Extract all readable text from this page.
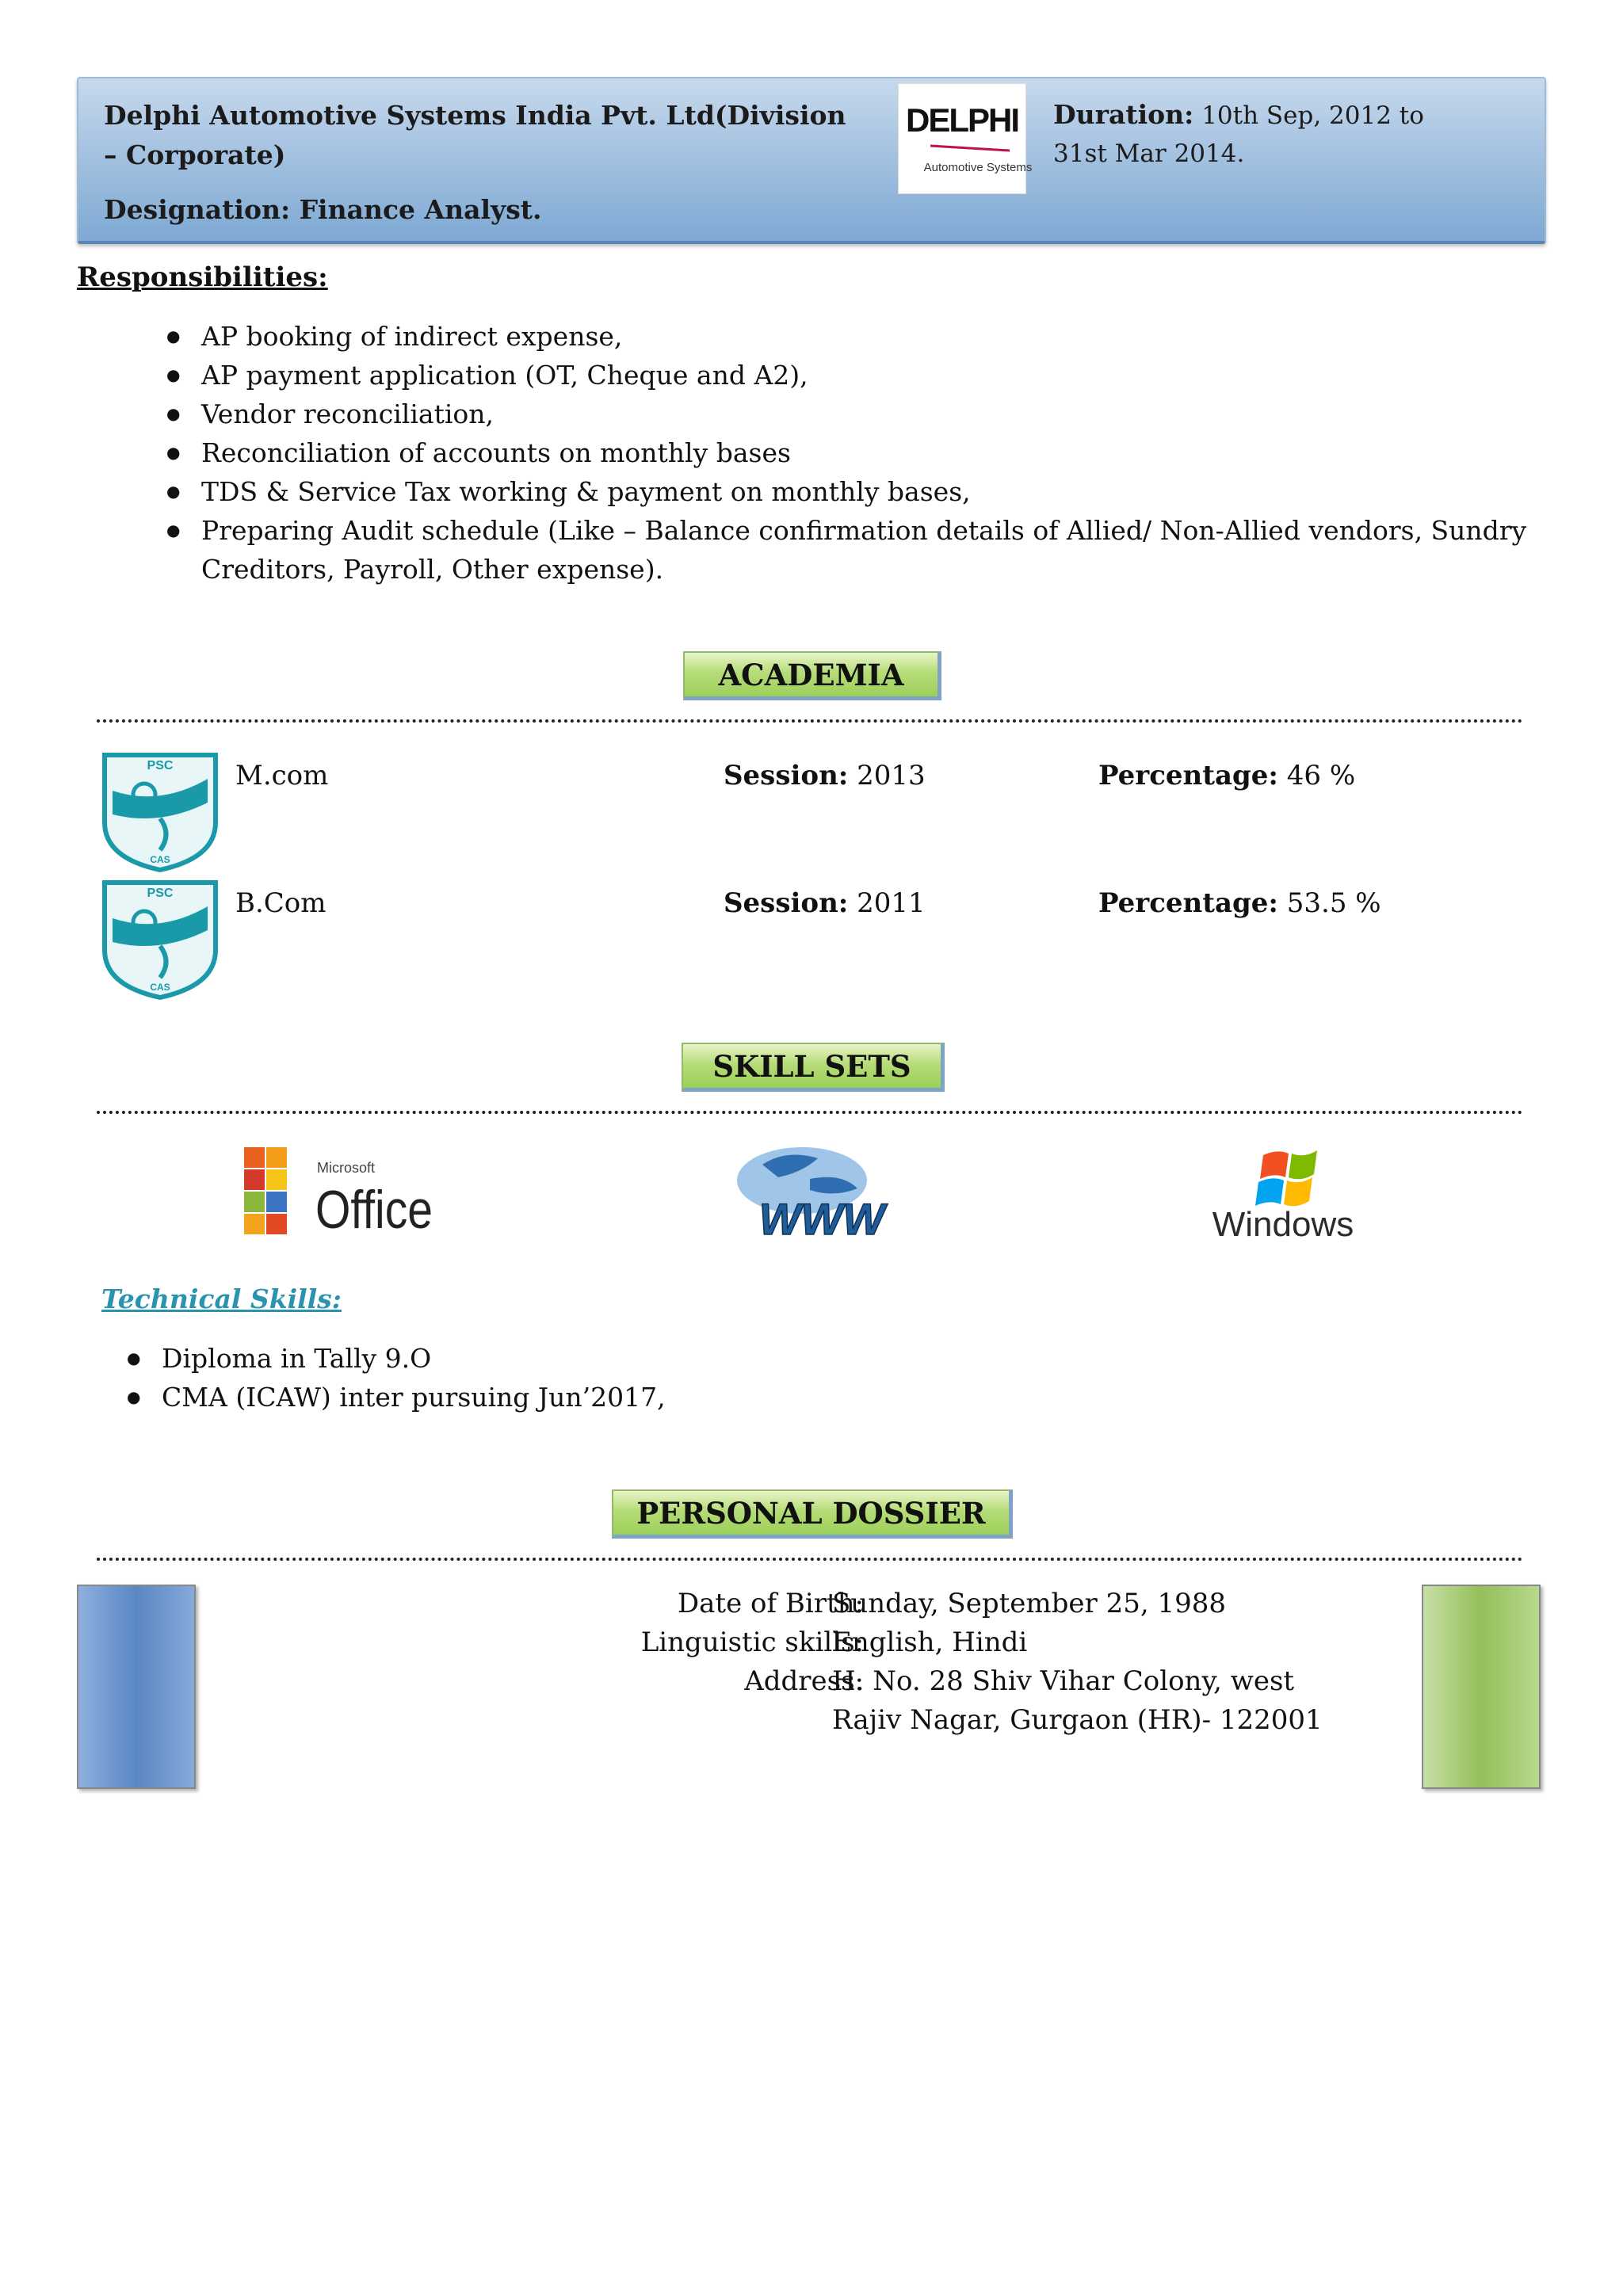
Delphi Automotive Systems India Pvt. Ltd(Division – Corporate)
Designation: Finance Analyst.
DELPHI
Automotive Systems
Duration: 10th Sep, 2012 to 31st Mar 2014.
Responsibilities:
● AP booking of indirect expense,
● AP payment application (OT, Cheque and A2),
● Vendor reconciliation,
● Reconciliation of accounts on monthly bases
● TDS & Service Tax working & payment on monthly bases,
● Preparing Audit schedule (Like – Balance confirmation details of Allied/ Non-Allied vendors, Sundry Creditors, Payroll, Other expense).
ACADEMIA
PSC
CAS
M.com	Session: 2013	Percentage: 46 %
PSC
CAS
B.Com	Session: 2011	Percentage: 53.5 %
SKILL SETS
Microsoft
Office	WWW	Windows
Technical Skills:
● Diploma in Tally 9.O
● CMA (ICAW) inter pursuing Jun’2017,
PERSONAL DOSSIER
Date of Birth:
Sunday, September 25, 1988
Linguistic skills:
English, Hindi
Address:
H. No. 28 Shiv Vihar Colony, west
Rajiv Nagar, Gurgaon (HR)- 122001
